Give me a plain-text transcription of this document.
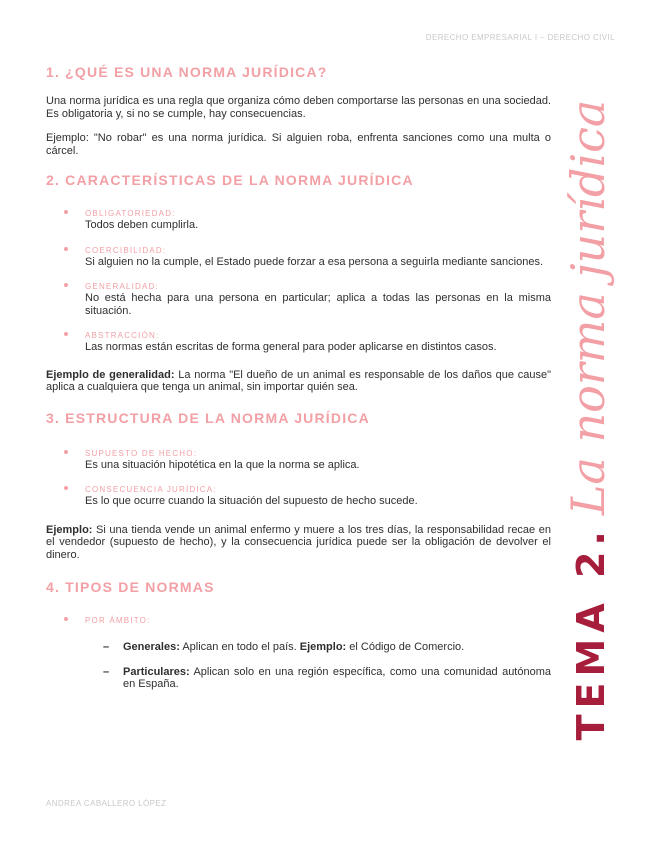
DERECHO EMPRESARIAL I – DERECHO CIVIL
1. ¿QUÉ ES UNA NORMA JURÍDICA?

Una norma jurídica es una regla que organiza cómo deben comportarse las personas en una sociedad. Es obligatoria y, si no se cumple, hay consecuencias.

Ejemplo: "No robar" es una norma jurídica. Si alguien roba, enfrenta sanciones como una multa o cárcel.

2. CARACTERÍSTICAS DE LA NORMA JURÍDICA
OBLIGATORIEDAD:
Todos deben cumplirla.
COERCIBILIDAD:
Si alguien no la cumple, el Estado puede forzar a esa persona a seguirla mediante sanciones.
GENERALIDAD:
No está hecha para una persona en particular; aplica a todas las personas en la misma situación.
ABSTRACCIÓN:
Las normas están escritas de forma general para poder aplicarse en distintos casos.

Ejemplo de generalidad: La norma "El dueño de un animal es responsable de los daños que cause" aplica a cualquiera que tenga un animal, sin importar quién sea.

3. ESTRUCTURA DE LA NORMA JURÍDICA
SUPUESTO DE HECHO:
Es una situación hipotética en la que la norma se aplica.
CONSECUENCIA JURÍDICA:
Es lo que ocurre cuando la situación del supuesto de hecho sucede.

Ejemplo: Si una tienda vende un animal enfermo y muere a los tres días, la responsabilidad recae en el vendedor (supuesto de hecho), y la consecuencia jurídica puede ser la obligación de devolver el dinero.

4. TIPOS DE NORMAS
POR ÁMBITO:
– Generales: Aplican en todo el país. Ejemplo: el Código de Comercio.
– Particulares: Aplican solo en una región específica, como una comunidad autónoma en España.	TEMA 2.La norma jurídica
ANDREA CABALLERO LÓPEZ
